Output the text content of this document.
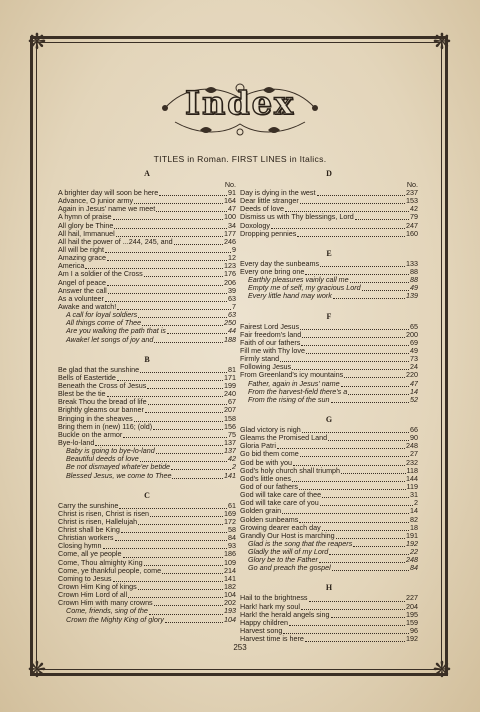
❋	❋
❋	❋
Index
TITLES in Roman. FIRST LINES in Italics.
A
No.
A brighter day will soon be here	91
Advance, O junior army	164
Again in Jesus' name we meet	47
A hymn of praise	100
All glory be Thine	34
All hail, Immanuel	177
All hail the power of ...244, 245, and	246
All will be right	9
Amazing grace	12
America	123
Am I a soldier of the Cross	176
Angel of peace	206
Answer the call	39
As a volunteer	63
Awake and watch!	7
A call for loyal soldiers	63
All things come of Thee	250
Are you walking the path that is	44
Awake! let songs of joy and	188
B
Be glad that the sunshine	81
Bells of Eastertide	171
Beneath the Cross of Jesus	199
Blest be the tie	240
Break Thou the bread of life	67
Brightly gleams our banner	207
Bringing in the sheaves	158
Bring them in (new) 116; (old)	156
Buckle on the armor	75
Bye-lo-land	137
Baby is going to bye-lo-land	137
Beautiful deeds of love	42
Be not dismayed whate'er betide	2
Blessed Jesus, we come to Thee	141
C
Carry the sunshine	61
Christ is risen, Christ is risen	169
Christ is risen, Hallelujah	172
Christ shall be King	58
Christian workers	84
Closing hymn	93
Come, all ye people	186
Come, Thou almighty King	109
Come, ye thankful people, come	214
Coming to Jesus	141
Crown Him King of kings	182
Crown Him Lord of all	104
Crown Him with many crowns	202
Come, friends, sing of the	193
Crown the Mighty King of glory	104
D
No.
Day is dying in the west	237
Dear little stranger	153
Deeds of love	42
Dismiss us with Thy blessings, Lord	79
Doxology	247
Dropping pennies	160
E
Every day the sunbeams	133
Every one bring one	88
Earthly pleasures vainly call me	88
Empty me of self, my gracious Lord	49
Every little hand may work	139
F
Fairest Lord Jesus	65
Fair freedom's land	200
Faith of our fathers	69
Fill me with Thy love	49
Firmly stand	73
Following Jesus	24
From Greenland's icy mountains	220
Father, again in Jesus' name	47
From the harvest-field there's a	14
From the rising of the sun	52
G
Glad victory is nigh	66
Gleams the Promised Land	90
Gloria Patri	248
Go bid them come	27
God be with you	232
God's holy church shall triumph	118
God's little ones	144
God of our fathers	119
God will take care of thee	31
God will take care of you	2
Golden grain	14
Golden sunbeams	82
Growing dearer each day	18
Grandly Our Host is marching	191
Glad is the song that the reapers	192
Gladly the will of my Lord	22
Glory be to the Father	248
Go and preach the gospel	84
H
Hail to the brightness	227
Hark! hark my soul	204
Hark! the herald angels sing	195
Happy children	159
Harvest song	96
Harvest time is here	192
253
